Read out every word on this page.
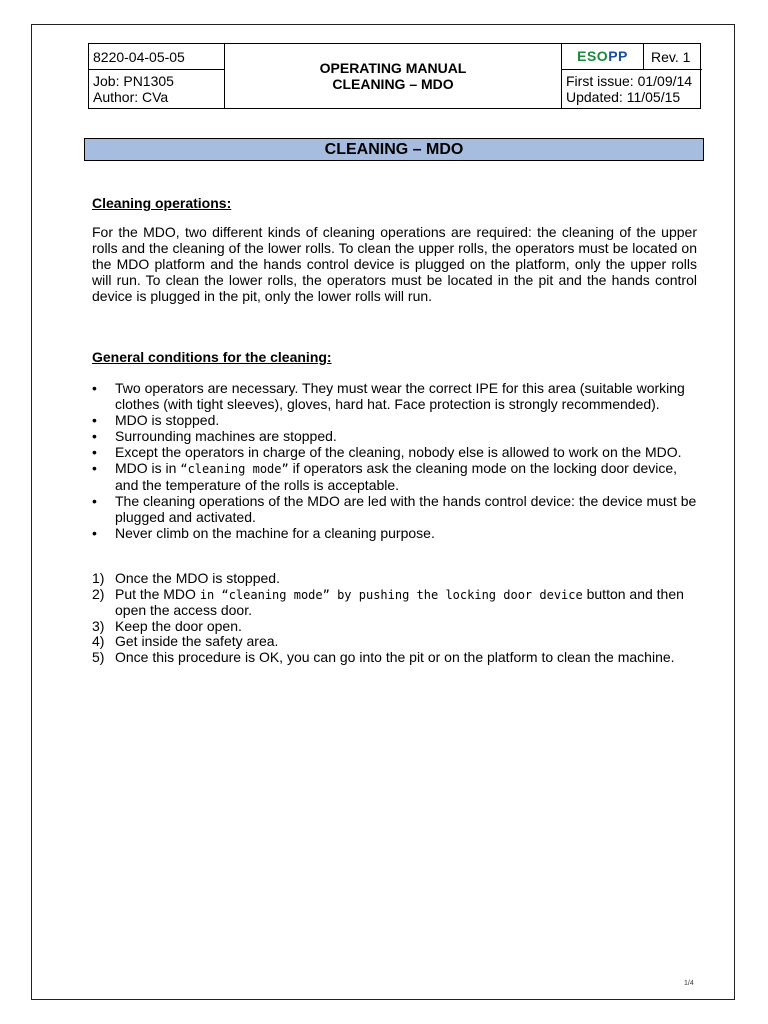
8220-04-05-05
Job: PN1305
Author: CVa
OPERATING MANUAL
CLEANING – MDO
ESOPP	Rev. 1
First issue: 01/09/14
Updated: 11/05/15
CLEANING – MDO
Cleaning operations:
For the MDO, two different kinds of cleaning operations are required: the cleaning of the upper rolls and the cleaning of the lower rolls. To clean the upper rolls, the operators must be located on the MDO platform and the hands control device is plugged on the platform, only the upper rolls will run. To clean the lower rolls, the operators must be located in the pit and the hands control device is plugged in the pit, only the lower rolls will run.
General conditions for the cleaning:
• Two operators are necessary. They must wear the correct IPE for this area (suitable working clothes (with tight sleeves), gloves, hard hat. Face protection is strongly recommended).
• MDO is stopped.
• Surrounding machines are stopped.
• Except the operators in charge of the cleaning, nobody else is allowed to work on the MDO.
• MDO is in “cleaning mode” if operators ask the cleaning mode on the locking door device, and the temperature of the rolls is acceptable.
• The cleaning operations of the MDO are led with the hands control device: the device must be plugged and activated.
• Never climb on the machine for a cleaning purpose.
1) Once the MDO is stopped.
2) Put the MDO in “cleaning mode” by pushing the locking door device button and then open the access door.
3) Keep the door open.
4) Get inside the safety area.
5) Once this procedure is OK, you can go into the pit or on the platform to clean the machine.
1/4
